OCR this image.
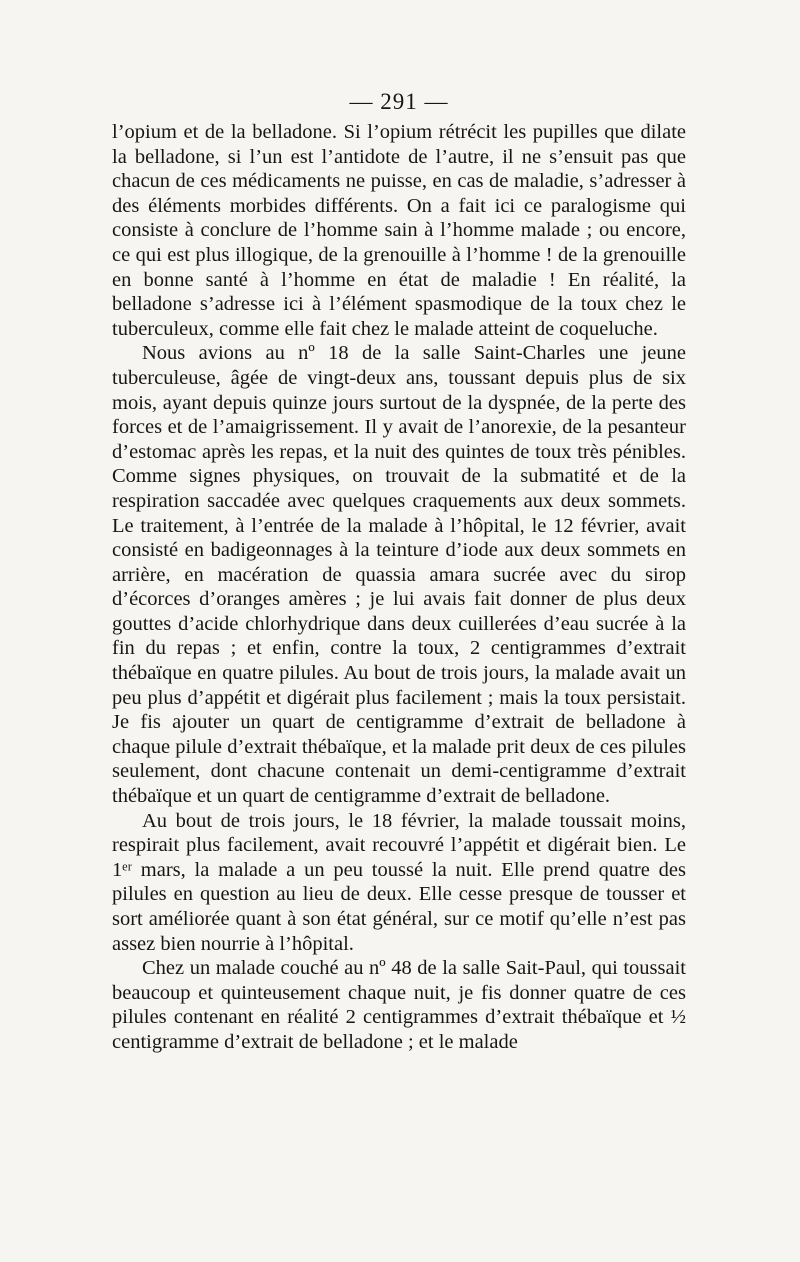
— 291 —

l’opium et de la belladone. Si l’opium rétrécit les pupilles que dilate la belladone, si l’un est l’antidote de l’autre, il ne s’ensuit pas que chacun de ces médicaments ne puisse, en cas de maladie, s’adresser à des éléments morbides différents. On a fait ici ce paralogisme qui consiste à conclure de l’homme sain à l’homme malade ; ou encore, ce qui est plus illogique, de la grenouille à l’homme ! de la grenouille en bonne santé à l’homme en état de maladie ! En réalité, la belladone s’adresse ici à l’élément spasmodique de la toux chez le tuberculeux, comme elle fait chez le malade atteint de coqueluche.

Nous avions au nº 18 de la salle Saint-Charles une jeune tuberculeuse, âgée de vingt-deux ans, toussant depuis plus de six mois, ayant depuis quinze jours surtout de la dyspnée, de la perte des forces et de l’amaigrissement. Il y avait de l’anorexie, de la pesanteur d’estomac après les repas, et la nuit des quintes de toux très pénibles. Comme signes physiques, on trouvait de la submatité et de la respiration saccadée avec quelques craquements aux deux sommets. Le traitement, à l’entrée de la malade à l’hôpital, le 12 février, avait consisté en badigeonnages à la teinture d’iode aux deux sommets en arrière, en macération de quassia amara sucrée avec du sirop d’écorces d’oranges amères ; je lui avais fait donner de plus deux gouttes d’acide chlorhydrique dans deux cuillerées d’eau sucrée à la fin du repas ; et enfin, contre la toux, 2 centigrammes d’extrait thébaïque en quatre pilules. Au bout de trois jours, la malade avait un peu plus d’appétit et digérait plus facilement ; mais la toux persistait. Je fis ajouter un quart de centigramme d’extrait de belladone à chaque pilule d’extrait thébaïque, et la malade prit deux de ces pilules seulement, dont chacune contenait un demi-centigramme d’extrait thébaïque et un quart de centigramme d’extrait de belladone.

Au bout de trois jours, le 18 février, la malade toussait moins, respirait plus facilement, avait recouvré l’appétit et digérait bien. Le 1ᵉʳ mars, la malade a un peu toussé la nuit. Elle prend quatre des pilules en question au lieu de deux. Elle cesse presque de tousser et sort améliorée quant à son état général, sur ce motif qu’elle n’est pas assez bien nourrie à l’hôpital.

Chez un malade couché au nº 48 de la salle Sait-Paul, qui toussait beaucoup et quinteusement chaque nuit, je fis donner quatre de ces pilules contenant en réalité 2 centigrammes d’extrait thébaïque et ½ centigramme d’extrait de belladone ; et le malade
